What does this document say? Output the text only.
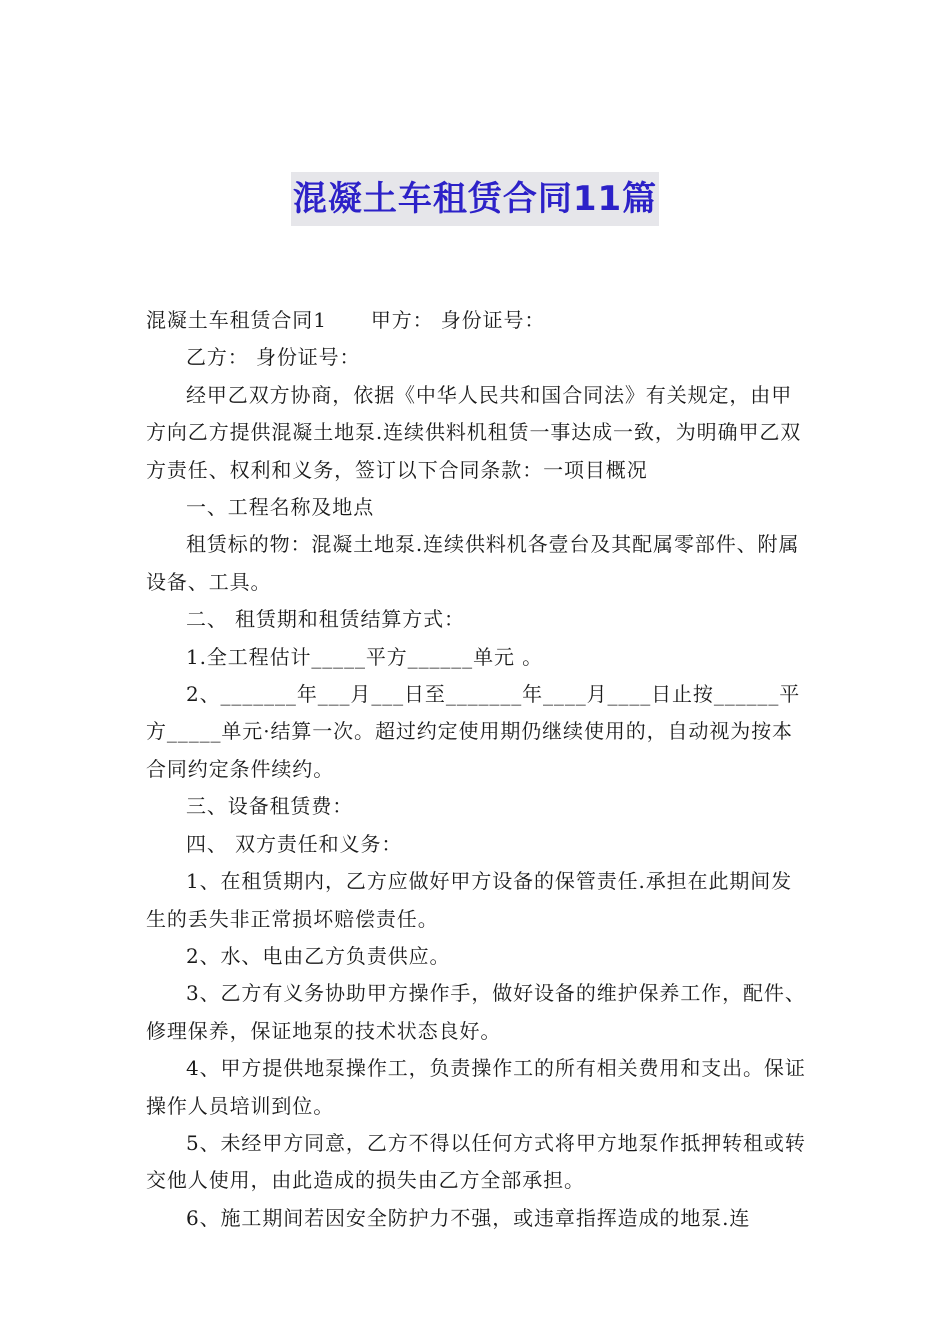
混凝土车租赁合同11篇

混凝土车租赁合同1 甲方： 身份证号：

乙方： 身份证号：

经甲乙双方协商，依据《中华人民共和国合同法》有关规定，由甲方向乙方提供混凝土地泵.连续供料机租赁一事达成一致，为明确甲乙双方责任、权利和义务，签订以下合同条款：一项目概况

一、工程名称及地点

租赁标的物：混凝土地泵.连续供料机各壹台及其配属零部件、附属设备、工具。

二、 租赁期和租赁结算方式：

1.全工程估计_____平方______单元 。

2、_______年___月___日至_______年____月____日止按______平方_____单元·结算一次。超过约定使用期仍继续使用的，自动视为按本合同约定条件续约。

三、设备租赁费：

四、 双方责任和义务：

1、在租赁期内，乙方应做好甲方设备的保管责任.承担在此期间发生的丢失非正常损坏赔偿责任。

2、水、电由乙方负责供应。

3、乙方有义务协助甲方操作手，做好设备的维护保养工作，配件、修理保养，保证地泵的技术状态良好。

4、甲方提供地泵操作工，负责操作工的所有相关费用和支出。保证操作人员培训到位。

5、未经甲方同意，乙方不得以任何方式将甲方地泵作抵押转租或转交他人使用，由此造成的损失由乙方全部承担。

6、施工期间若因安全防护力不强，或违章指挥造成的地泵.连
